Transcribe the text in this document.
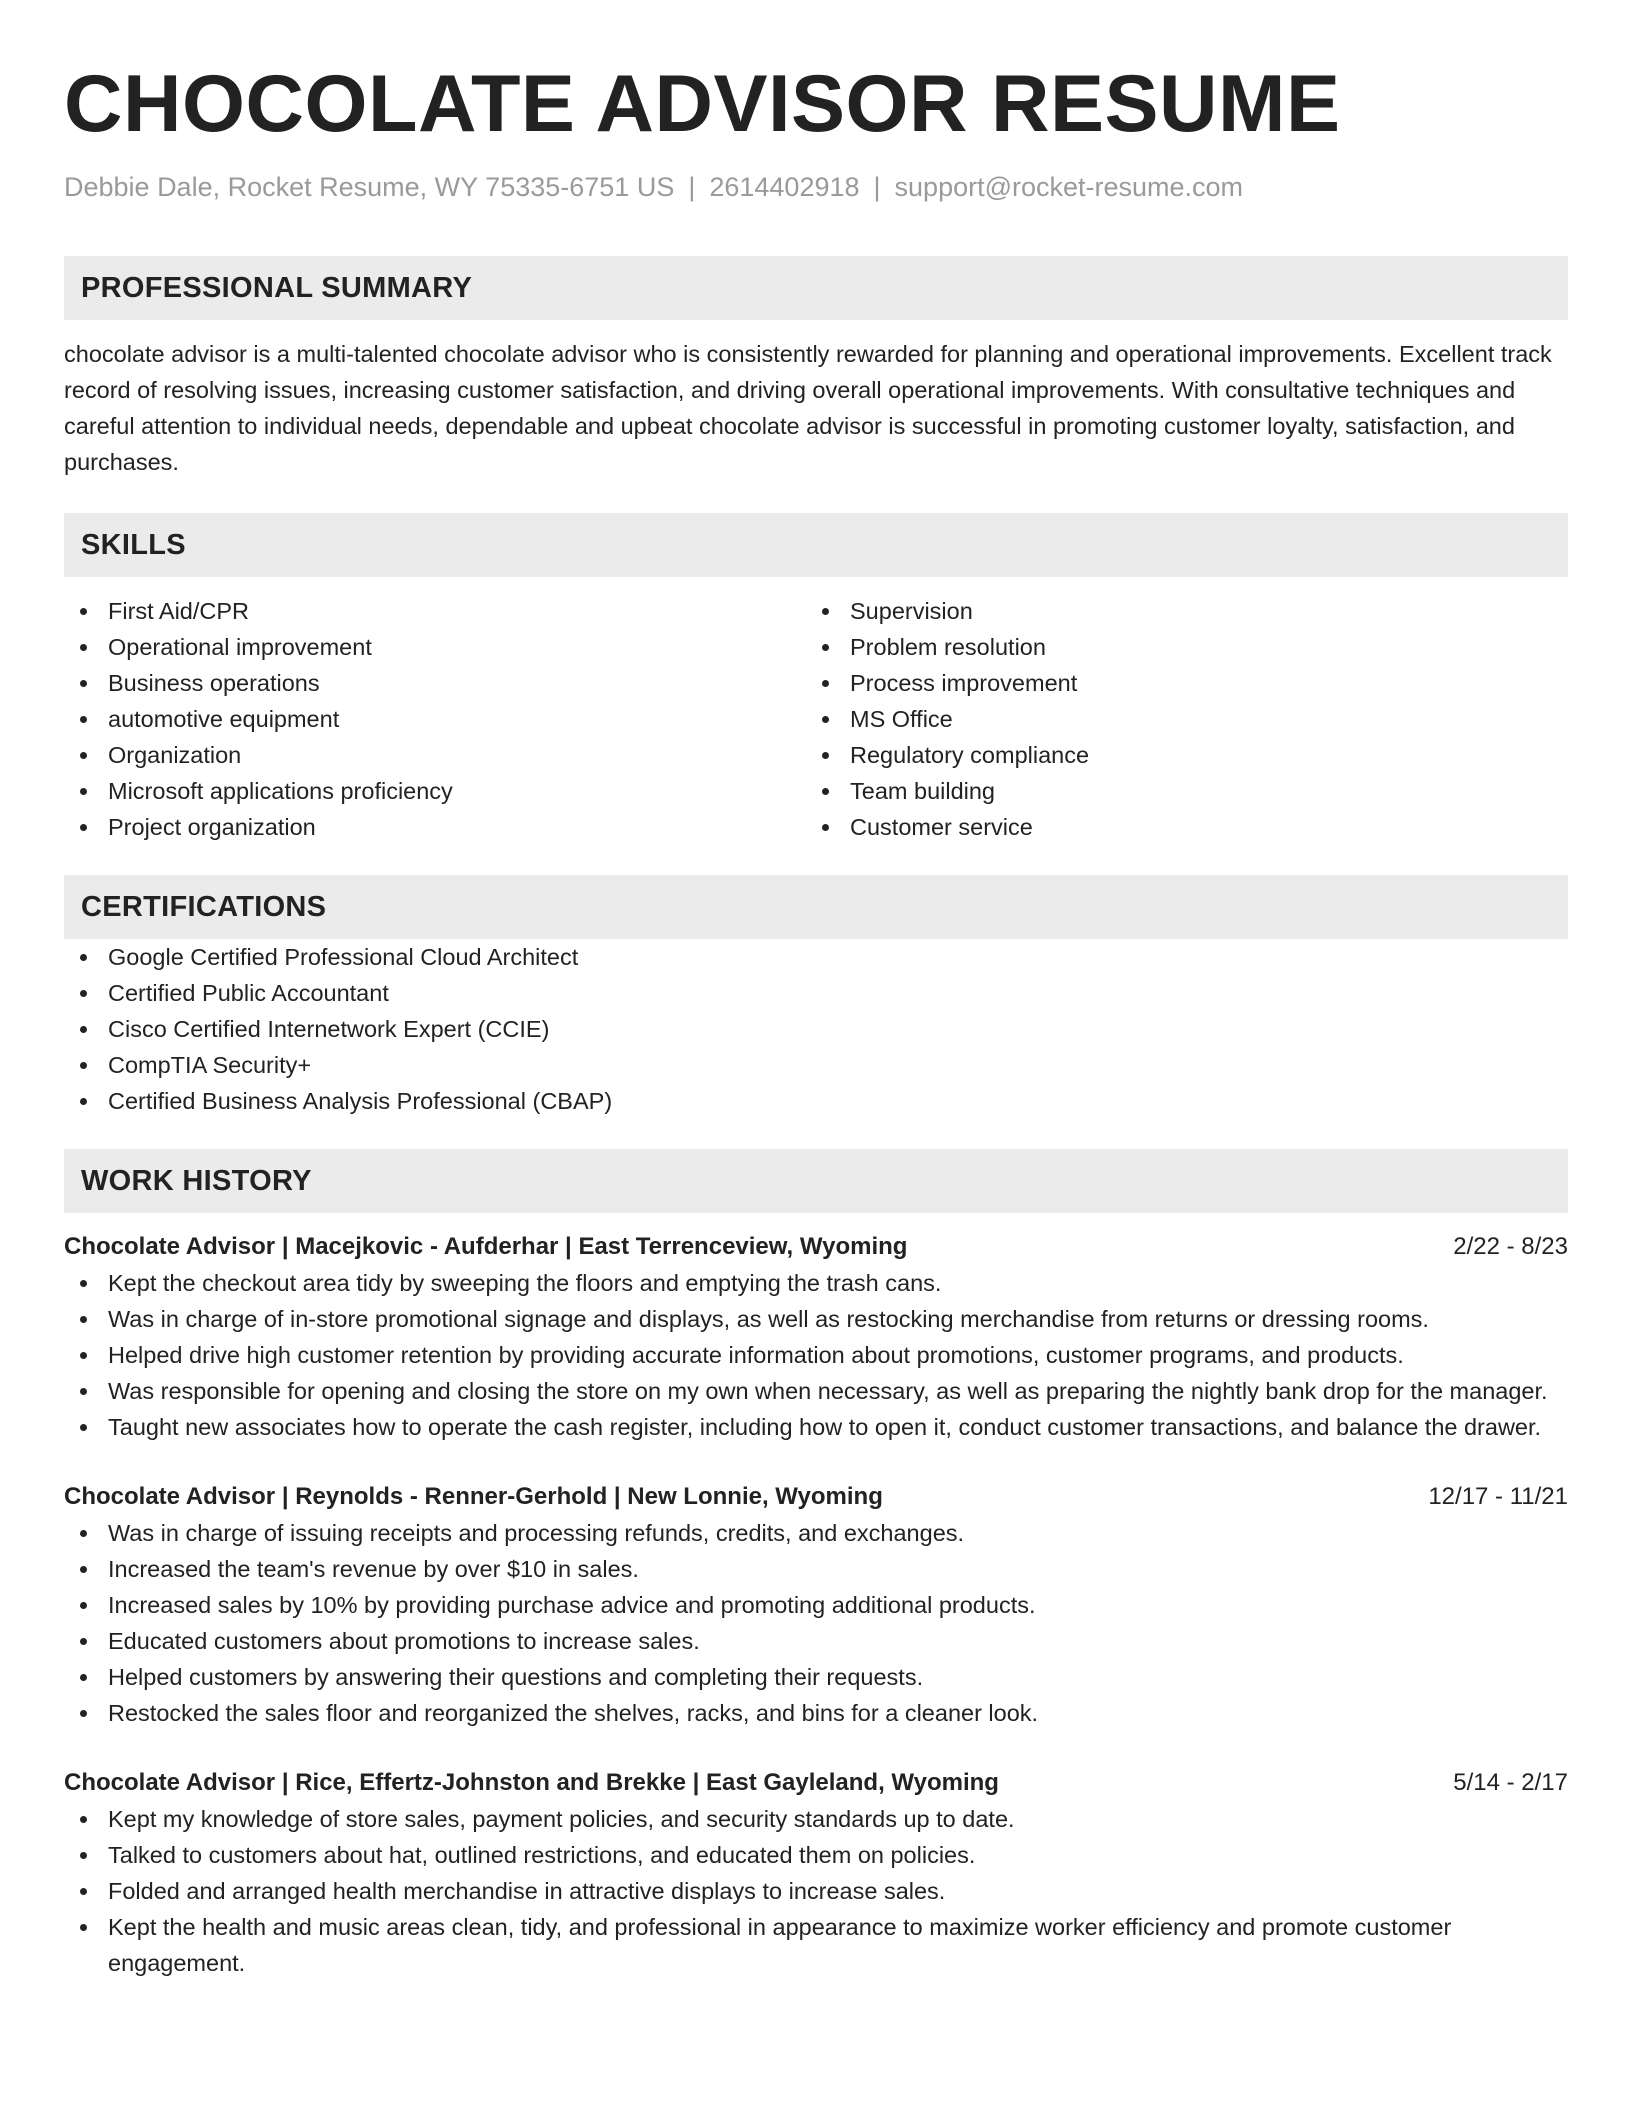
CHOCOLATE ADVISOR RESUME
Debbie Dale, Rocket Resume, WY 75335-6751 US | 2614402918 | support@rocket-resume.com
PROFESSIONAL SUMMARY

chocolate advisor is a multi-talented chocolate advisor who is consistently rewarded for planning and operational improvements. Excellent track record of resolving issues, increasing customer satisfaction, and driving overall operational improvements. With consultative techniques and careful attention to individual needs, dependable and upbeat chocolate advisor is successful in promoting customer loyalty, satisfaction, and purchases.

SKILLS
First Aid/CPR
Operational improvement
Business operations
automotive equipment
Organization
Microsoft applications proficiency
Project organization
Supervision
Problem resolution
Process improvement
MS Office
Regulatory compliance
Team building
Customer service
CERTIFICATIONS
Google Certified Professional Cloud Architect
Certified Public Accountant
Cisco Certified Internetwork Expert (CCIE)
CompTIA Security+
Certified Business Analysis Professional (CBAP)
WORK HISTORY
Chocolate Advisor | Macejkovic - Aufderhar | East Terrenceview, Wyoming	2/22 - 8/23
Kept the checkout area tidy by sweeping the floors and emptying the trash cans.
Was in charge of in-store promotional signage and displays, as well as restocking merchandise from returns or dressing rooms.
Helped drive high customer retention by providing accurate information about promotions, customer programs, and products.
Was responsible for opening and closing the store on my own when necessary, as well as preparing the nightly bank drop for the manager.
Taught new associates how to operate the cash register, including how to open it, conduct customer transactions, and balance the drawer.
Chocolate Advisor | Reynolds - Renner-Gerhold | New Lonnie, Wyoming	12/17 - 11/21
Was in charge of issuing receipts and processing refunds, credits, and exchanges.
Increased the team's revenue by over $10 in sales.
Increased sales by 10% by providing purchase advice and promoting additional products.
Educated customers about promotions to increase sales.
Helped customers by answering their questions and completing their requests.
Restocked the sales floor and reorganized the shelves, racks, and bins for a cleaner look.
Chocolate Advisor | Rice, Effertz-Johnston and Brekke | East Gayleland, Wyoming	5/14 - 2/17
Kept my knowledge of store sales, payment policies, and security standards up to date.
Talked to customers about hat, outlined restrictions, and educated them on policies.
Folded and arranged health merchandise in attractive displays to increase sales.
Kept the health and music areas clean, tidy, and professional in appearance to maximize worker efficiency and promote customer engagement.
